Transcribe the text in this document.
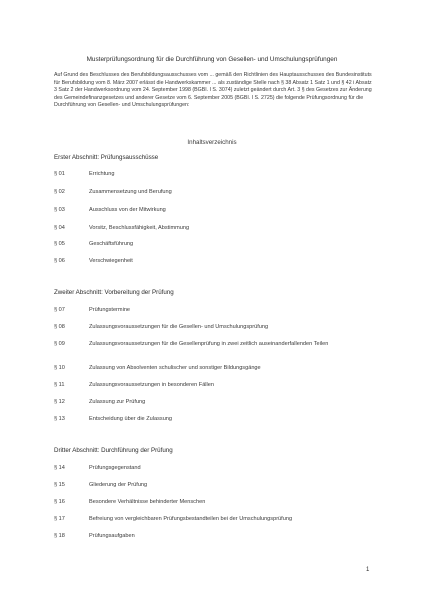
Musterprüfungsordnung für die Durchführung von Gesellen- und Umschulungsprüfungen
Auf Grund des Beschlusses des Berufsbildungsausschusses vom ... gemäß den Richtlinien des Hauptausschusses des Bundesinstituts für Berufsbildung vom 8. März 2007 erlässt die Handwerkskammer ... als zuständige Stelle nach § 38 Absatz 1 Satz 1 und § 42 i Absatz 3 Satz 2 der Handwerksordnung vom 24. September 1998 (BGBl. I S. 3074) zuletzt geändert durch Art. 3 § des Gesetzes zur Änderung des Gemeindefinanzgesetzes und anderer Gesetze vom 6. September 2005 (BGBl. I S. 2725) die folgende Prüfungsordnung für die Durchführung von Gesellen- und Umschulungsprüfungen:
Inhaltsverzeichnis
Erster Abschnitt: Prüfungsausschüsse
§ 01	Errichtung
§ 02	Zusammensetzung und Berufung
§ 03	Ausschluss von der Mitwirkung
§ 04	Vorsitz, Beschlussfähigkeit, Abstimmung
§ 05	Geschäftsführung
§ 06	Verschwiegenheit
Zweiter Abschnitt: Vorbereitung der Prüfung
§ 07	Prüfungstermine
§ 08	Zulassungsvoraussetzungen für die Gesellen- und Umschulungsprüfung
§ 09	Zulassungsvoraussetzungen für die Gesellenprüfung in zwei zeitlich auseinanderfallenden Teilen
§ 10	Zulassung von Absolventen schulischer und sonstiger Bildungsgänge
§ 11	Zulassungsvoraussetzungen in besonderen Fällen
§ 12	Zulassung zur Prüfung
§ 13	Entscheidung über die Zulassung
Dritter Abschnitt: Durchführung der Prüfung
§ 14	Prüfungsgegenstand
§ 15	Gliederung der Prüfung
§ 16	Besondere Verhältnisse behinderter Menschen
§ 17	Befreiung von vergleichbaren Prüfungsbestandteilen bei der Umschulungsprüfung
§ 18	Prüfungsaufgaben
1
